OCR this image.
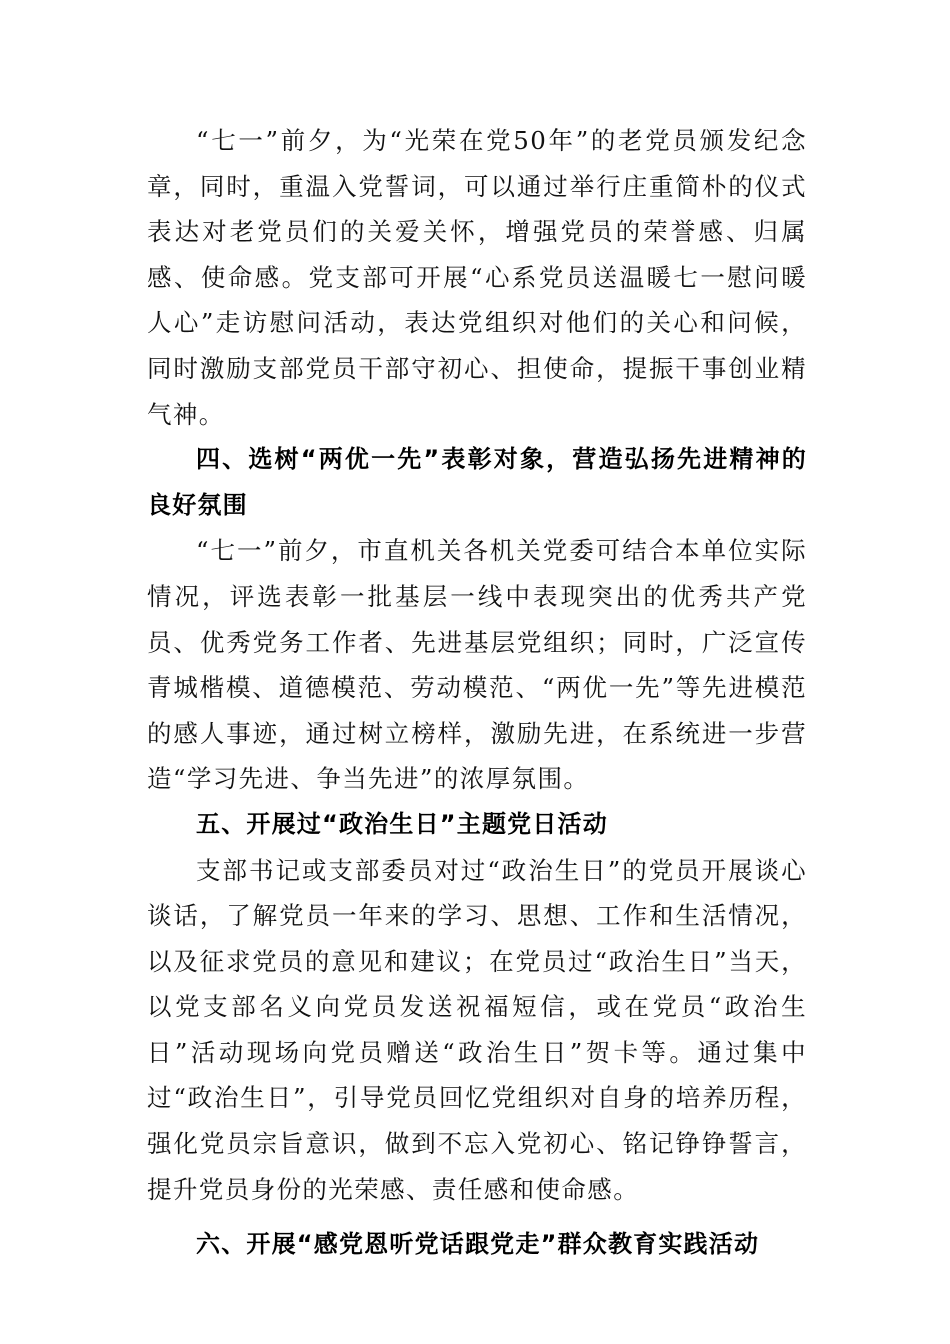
“七一”前夕，为“光荣在党50年”的老党员颁发纪念章，同时，重温入党誓词，可以通过举行庄重简朴的仪式表达对老党员们的关爱关怀，增强党员的荣誉感、归属感、使命感。党支部可开展“心系党员送温暖七一慰问暖人心”走访慰问活动，表达党组织对他们的关心和问候，同时激励支部党员干部守初心、担使命，提振干事创业精气神。

四、选树“两优一先”表彰对象，营造弘扬先进精神的良好氛围

“七一”前夕，市直机关各机关党委可结合本单位实际情况，评选表彰一批基层一线中表现突出的优秀共产党员、优秀党务工作者、先进基层党组织；同时，广泛宣传青城楷模、道德模范、劳动模范、“两优一先”等先进模范的感人事迹，通过树立榜样，激励先进，在系统进一步营造“学习先进、争当先进”的浓厚氛围。

五、开展过“政治生日”主题党日活动

支部书记或支部委员对过“政治生日”的党员开展谈心谈话，了解党员一年来的学习、思想、工作和生活情况，以及征求党员的意见和建议；在党员过“政治生日”当天，以党支部名义向党员发送祝福短信，或在党员“政治生日”活动现场向党员赠送“政治生日”贺卡等。通过集中过“政治生日”，引导党员回忆党组织对自身的培养历程，强化党员宗旨意识，做到不忘入党初心、铭记铮铮誓言，提升党员身份的光荣感、责任感和使命感。

六、开展“感党恩听党话跟党走”群众教育实践活动
